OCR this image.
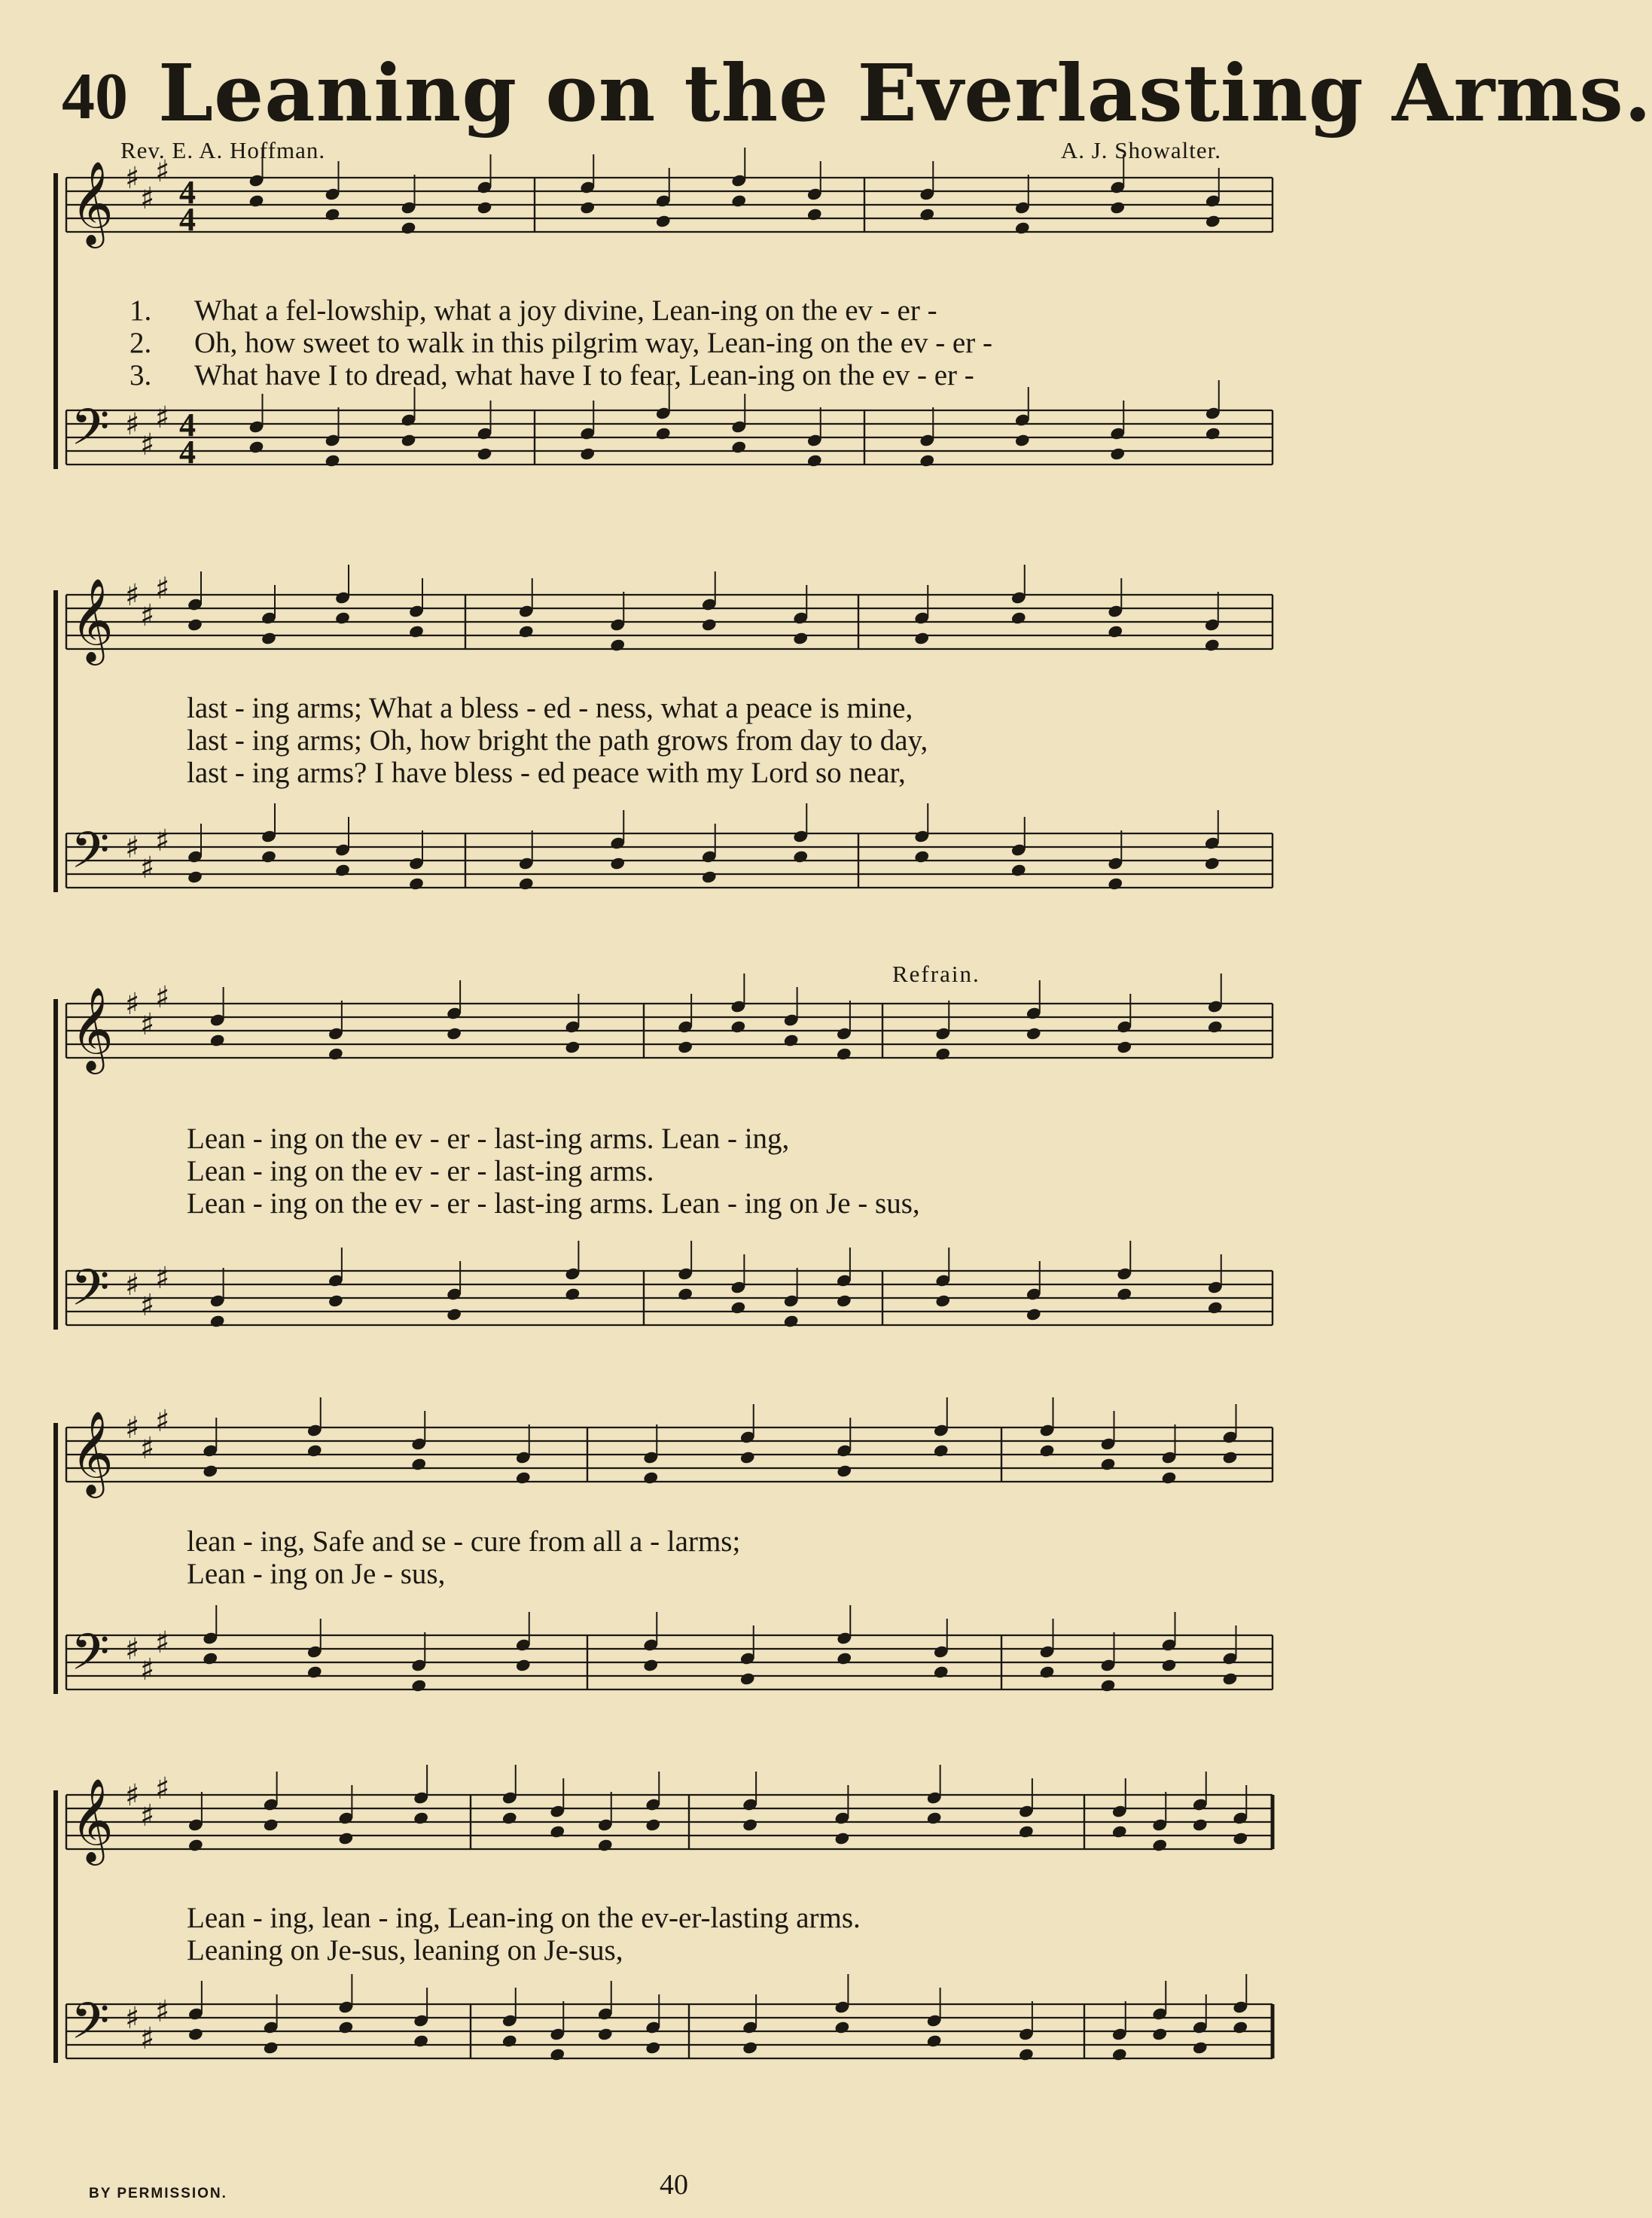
40 Leaning on the Everlasting Arms.
Rev. E. A. Hoffman.	A. J. Showalter.
𝄞 ♯
♯
♯
4
4
𝄢 ♯
♯
♯ 4
4
𝄞 ♯
♯
♯
𝄢 ♯
♯
♯
𝄞 ♯
♯
♯
𝄢 ♯
♯
♯
𝄞 ♯
♯
♯
𝄢 ♯
♯
♯
𝄞 ♯
♯
♯
𝄢 ♯
♯
♯
Refrain.
1. What a fel-lowship, what a joy divine, Lean-ing on the ev - er -
2. Oh, how sweet to walk in this pilgrim way, Lean-ing on the ev - er -
3. What have I to dread, what have I to fear, Lean-ing on the ev - er -
last - ing arms; What a bless - ed - ness, what a peace is mine,
last - ing arms; Oh, how bright the path grows from day to day,
last - ing arms? I have bless - ed peace with my Lord so near,
Lean - ing on the ev - er - last-ing arms. Lean - ing,
Lean - ing on the ev - er - last-ing arms.
Lean - ing on the ev - er - last-ing arms. Lean - ing on Je - sus,
lean - ing, Safe and se - cure from all a - larms;
Lean - ing on Je - sus,
Lean - ing, lean - ing, Lean-ing on the ev-er-lasting arms.
Leaning on Je-sus, leaning on Je-sus,
BY PERMISSION.	40
